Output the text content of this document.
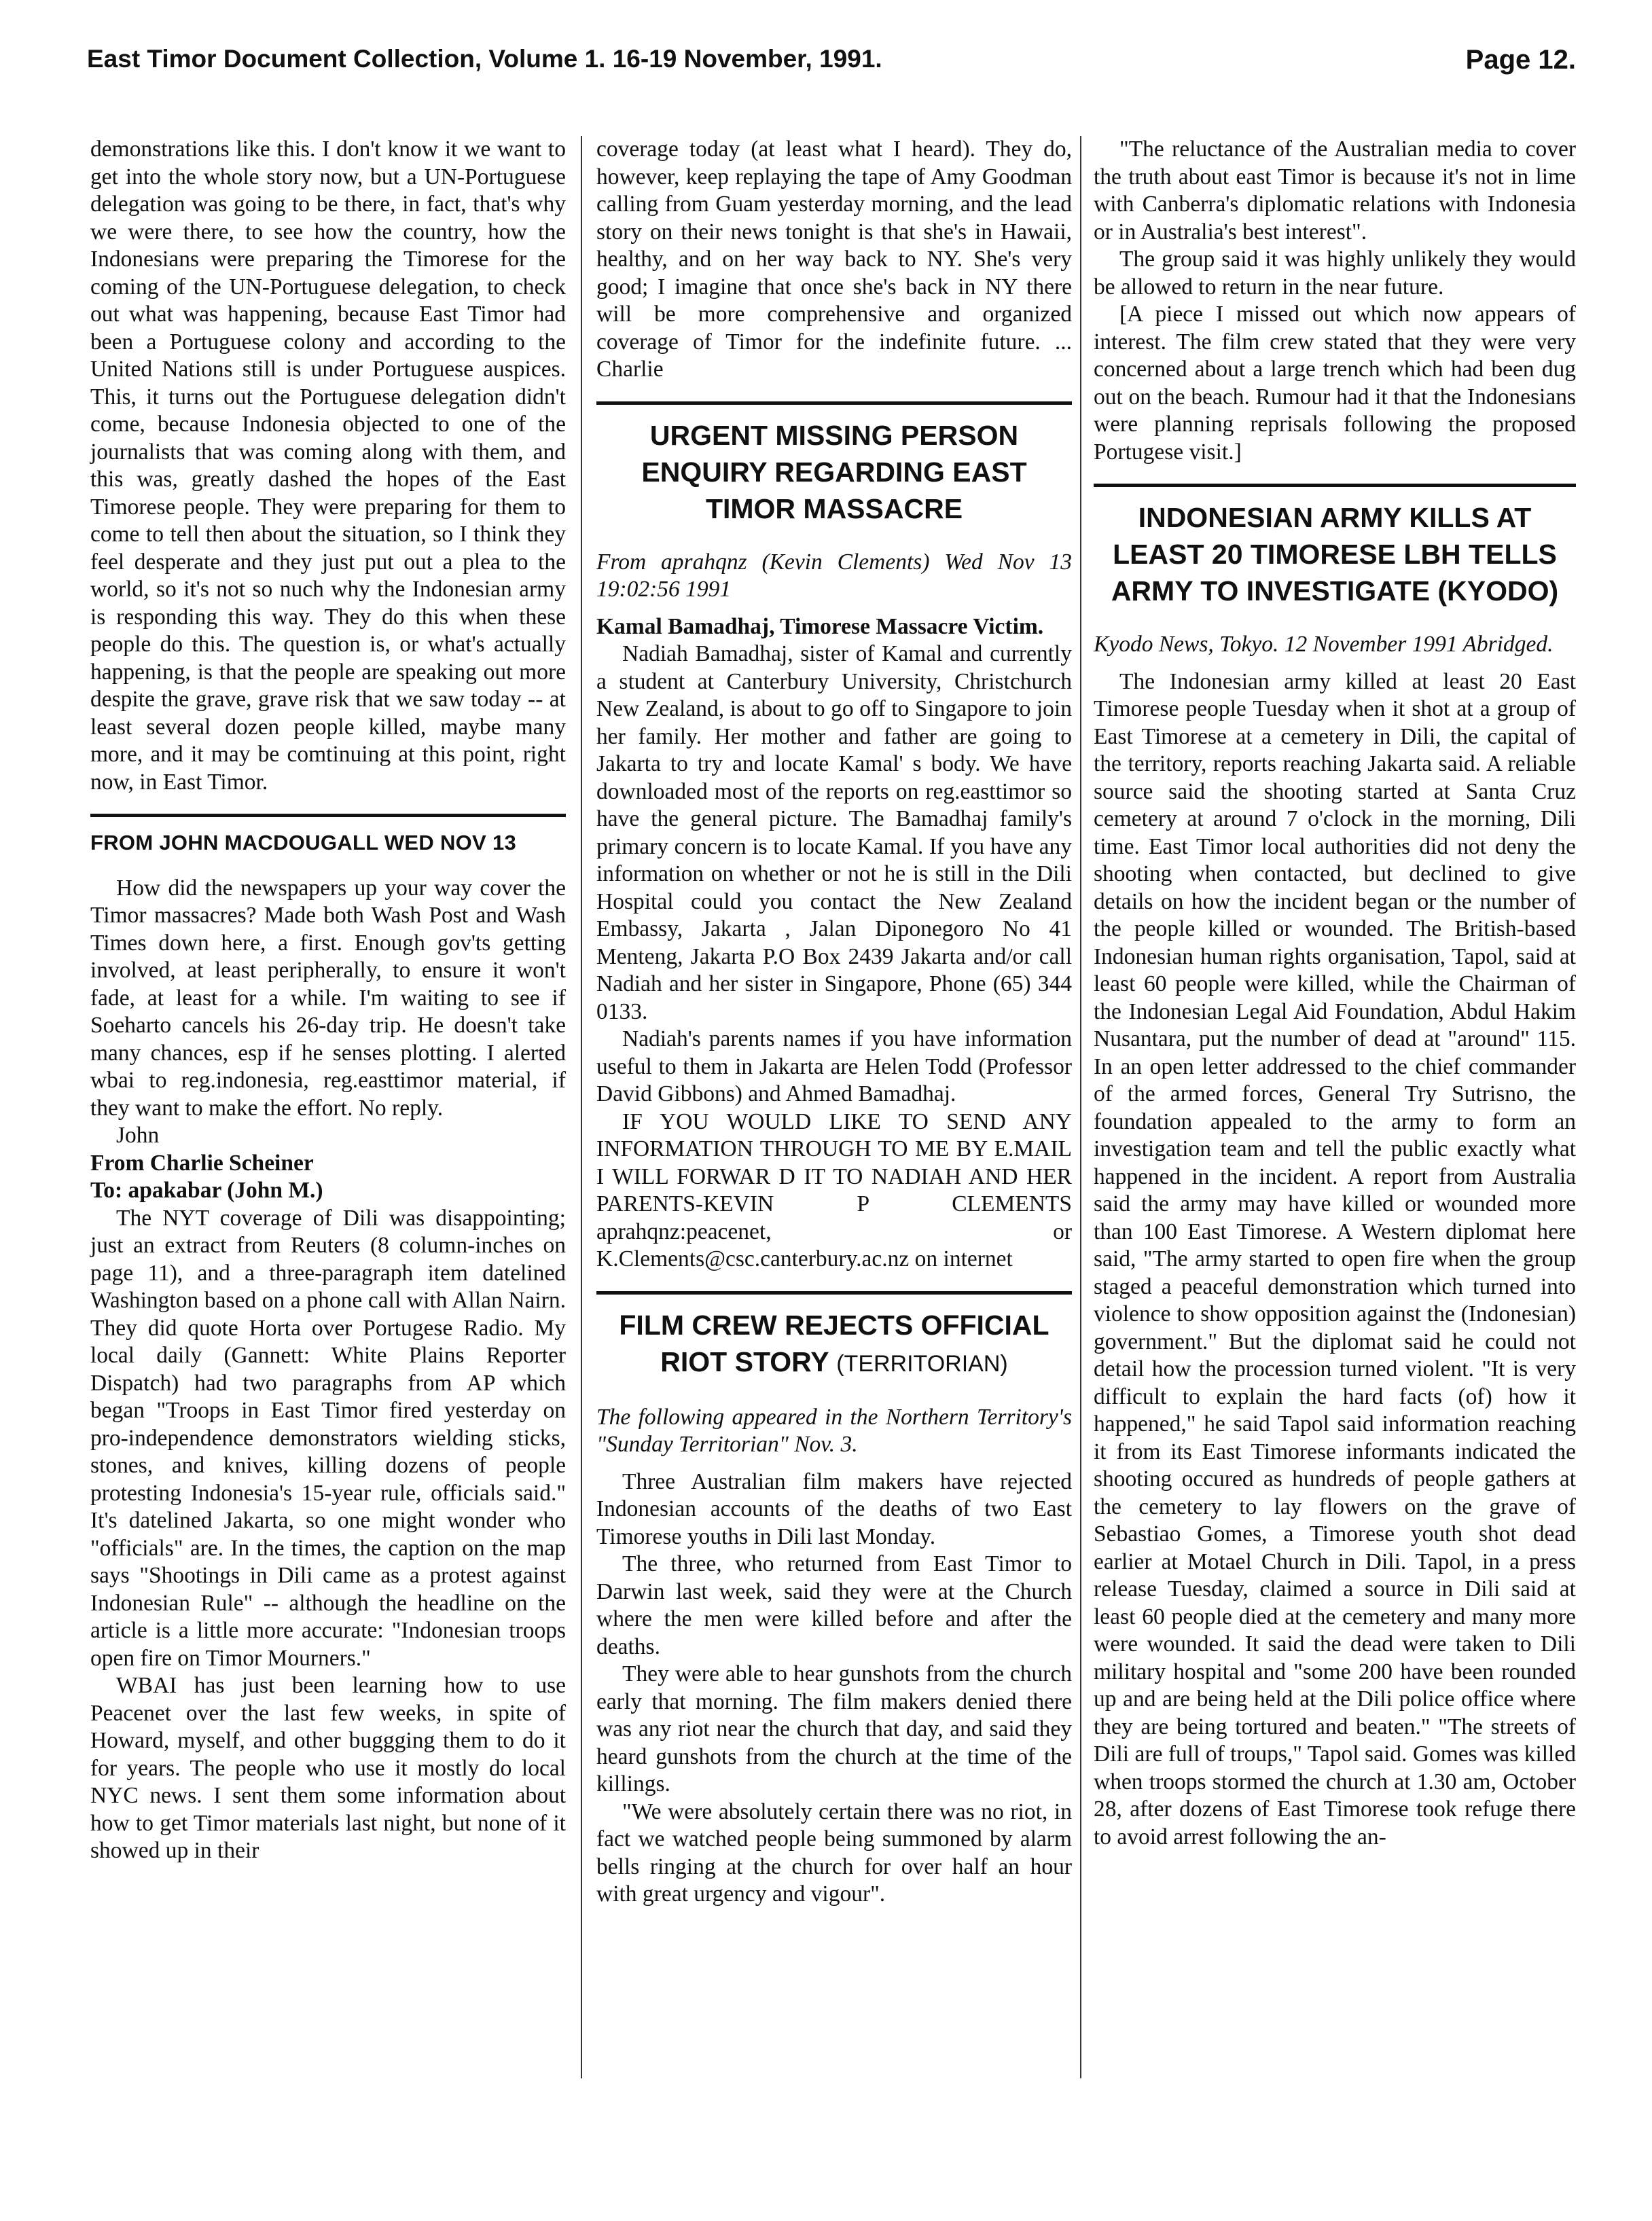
East Timor Document Collection, Volume 1. 16-19 November, 1991.	Page 12.

demonstrations like this. I don't know it we want to get into the whole story now, but a UN-Portuguese delegation was going to be there, in fact, that's why we were there, to see how the country, how the Indonesians were preparing the Timorese for the coming of the UN-Portuguese delegation, to check out what was happening, because East Timor had been a Portuguese colony and according to the United Nations still is under Portuguese auspices. This, it turns out the Portuguese delegation didn't come, because Indonesia objected to one of the journalists that was coming along with them, and this was, greatly dashed the hopes of the East Timorese people. They were preparing for them to come to tell then about the situation, so I think they feel desperate and they just put out a plea to the world, so it's not so nuch why the Indonesian army is responding this way. They do this when these people do this. The question is, or what's actually happening, is that the people are speaking out more despite the grave, grave risk that we saw today -- at least several dozen people killed, maybe many more, and it may be comtinuing at this point, right now, in East Timor.

FROM JOHN MACDOUGALL WED NOV 13

How did the newspapers up your way cover the Timor massacres? Made both Wash Post and Wash Times down here, a first. Enough gov'ts getting involved, at least peripherally, to ensure it won't fade, at least for a while. I'm waiting to see if Soeharto cancels his 26-day trip. He doesn't take many chances, esp if he senses plotting. I alerted wbai to reg.indonesia, reg.easttimor material, if they want to make the effort. No reply.

John

From Charlie Scheiner

To: apakabar (John M.)

The NYT coverage of Dili was disappointing; just an extract from Reuters (8 column-inches on page 11), and a three-paragraph item datelined Washington based on a phone call with Allan Nairn. They did quote Horta over Portugese Radio. My local daily (Gannett: White Plains Reporter Dispatch) had two paragraphs from AP which began "Troops in East Timor fired yesterday on pro-independence demonstrators wielding sticks, stones, and knives, killing dozens of people protesting Indonesia's 15-year rule, officials said." It's datelined Jakarta, so one might wonder who "officials" are. In the times, the caption on the map says "Shootings in Dili came as a protest against Indonesian Rule" -- although the headline on the article is a little more accurate: "Indonesian troops open fire on Timor Mourners."

WBAI has just been learning how to use Peacenet over the last few weeks, in spite of Howard, myself, and other buggging them to do it for years. The people who use it mostly do local NYC news. I sent them some information about how to get Timor materials last night, but none of it showed up in their

coverage today (at least what I heard). They do, however, keep replaying the tape of Amy Goodman calling from Guam yesterday morning, and the lead story on their news tonight is that she's in Hawaii, healthy, and on her way back to NY. She's very good; I imagine that once she's back in NY there will be more comprehensive and organized coverage of Timor for the indefinite future. ... Charlie

URGENT MISSING PERSON ENQUIRY REGARDING EAST TIMOR MASSACRE

From aprahqnz (Kevin Clements) Wed Nov 13 19:02:56 1991

Kamal Bamadhaj, Timorese Massacre Victim.

Nadiah Bamadhaj, sister of Kamal and currently a student at Canterbury University, Christchurch New Zealand, is about to go off to Singapore to join her family. Her mother and father are going to Jakarta to try and locate Kamal' s body. We have downloaded most of the reports on reg.easttimor so have the general picture. The Bamadhaj family's primary concern is to locate Kamal. If you have any information on whether or not he is still in the Dili Hospital could you contact the New Zealand Embassy, Jakarta , Jalan Diponegoro No 41 Menteng, Jakarta P.O Box 2439 Jakarta and/or call Nadiah and her sister in Singapore, Phone (65) 344 0133.

Nadiah's parents names if you have information useful to them in Jakarta are Helen Todd (Professor David Gibbons) and Ahmed Bamadhaj.

IF YOU WOULD LIKE TO SEND ANY INFORMATION THROUGH TO ME BY E.MAIL I WILL FORWAR D IT TO NADIAH AND HER PARENTS-KEVIN P CLEMENTS aprahqnz:peacenet, or K.Clements@csc.canterbury.ac.nz on internet

FILM CREW REJECTS OFFICIAL RIOT STORY (TERRITORIAN)

The following appeared in the Northern Territory's "Sunday Territorian" Nov. 3.

Three Australian film makers have rejected Indonesian accounts of the deaths of two East Timorese youths in Dili last Monday.

The three, who returned from East Timor to Darwin last week, said they were at the Church where the men were killed before and after the deaths.

They were able to hear gunshots from the church early that morning. The film makers denied there was any riot near the church that day, and said they heard gunshots from the church at the time of the killings.

"We were absolutely certain there was no riot, in fact we watched people being summoned by alarm bells ringing at the church for over half an hour with great urgency and vigour".

"The reluctance of the Australian media to cover the truth about east Timor is because it's not in lime with Canberra's diplomatic relations with Indonesia or in Australia's best interest".

The group said it was highly unlikely they would be allowed to return in the near future.

[A piece I missed out which now appears of interest. The film crew stated that they were very concerned about a large trench which had been dug out on the beach. Rumour had it that the Indonesians were planning reprisals following the proposed Portugese visit.]

INDONESIAN ARMY KILLS AT LEAST 20 TIMORESE LBH TELLS ARMY TO INVESTIGATE (KYODO)

Kyodo News, Tokyo. 12 November 1991 Abridged.

The Indonesian army killed at least 20 East Timorese people Tuesday when it shot at a group of East Timorese at a cemetery in Dili, the capital of the territory, reports reaching Jakarta said. A reliable source said the shooting started at Santa Cruz cemetery at around 7 o'clock in the morning, Dili time. East Timor local authorities did not deny the shooting when contacted, but declined to give details on how the incident began or the number of the people killed or wounded. The British-based Indonesian human rights organisation, Tapol, said at least 60 people were killed, while the Chairman of the Indonesian Legal Aid Foundation, Abdul Hakim Nusantara, put the number of dead at "around" 115. In an open letter addressed to the chief commander of the armed forces, General Try Sutrisno, the foundation appealed to the army to form an investigation team and tell the public exactly what happened in the incident. A report from Australia said the army may have killed or wounded more than 100 East Timorese. A Western diplomat here said, "The army started to open fire when the group staged a peaceful demonstration which turned into violence to show opposition against the (Indonesian) government." But the diplomat said he could not detail how the procession turned violent. "It is very difficult to explain the hard facts (of) how it happened," he said Tapol said information reaching it from its East Timorese informants indicated the shooting occured as hundreds of people gathers at the cemetery to lay flowers on the grave of Sebastiao Gomes, a Timorese youth shot dead earlier at Motael Church in Dili. Tapol, in a press release Tuesday, claimed a source in Dili said at least 60 people died at the cemetery and many more were wounded. It said the dead were taken to Dili military hospital and "some 200 have been rounded up and are being held at the Dili police office where they are being tortured and beaten." "The streets of Dili are full of troups," Tapol said. Gomes was killed when troops stormed the church at 1.30 am, October 28, after dozens of East Timorese took refuge there to avoid arrest following the an-
